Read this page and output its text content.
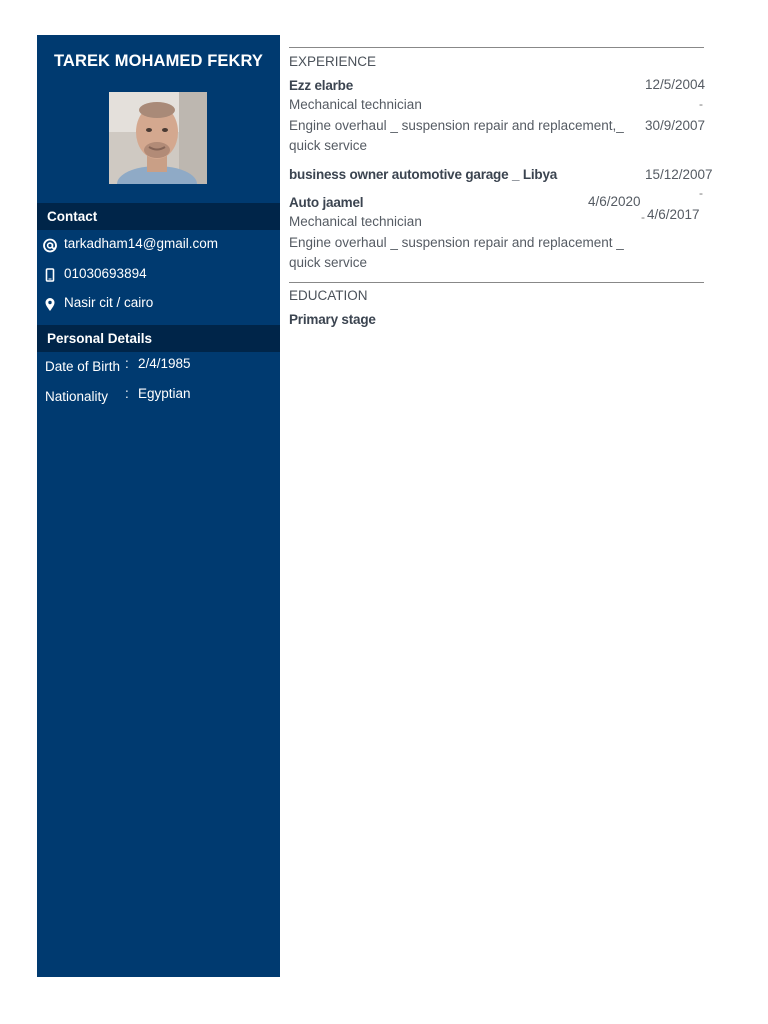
TAREK MOHAMED FEKRY
Contact
tarkadham14@gmail.com
01030693894
Nasir cit / cairo
Personal Details
Date of Birth : 2/4/1985
Nationality : Egyptian
EXPERIENCE
Ezz elarbe
Mechanical technician
Engine overhaul _ suspension repair and replacement,_
quick service
12/5/2004
-
30/9/2007
business owner automotive garage _ Libya	15/12/2007
-
4/6/2017
Auto jaamel
Mechanical technician
Engine overhaul _ suspension repair and replacement _
quick service
4/6/2020
-
EDUCATION
Primary stage
